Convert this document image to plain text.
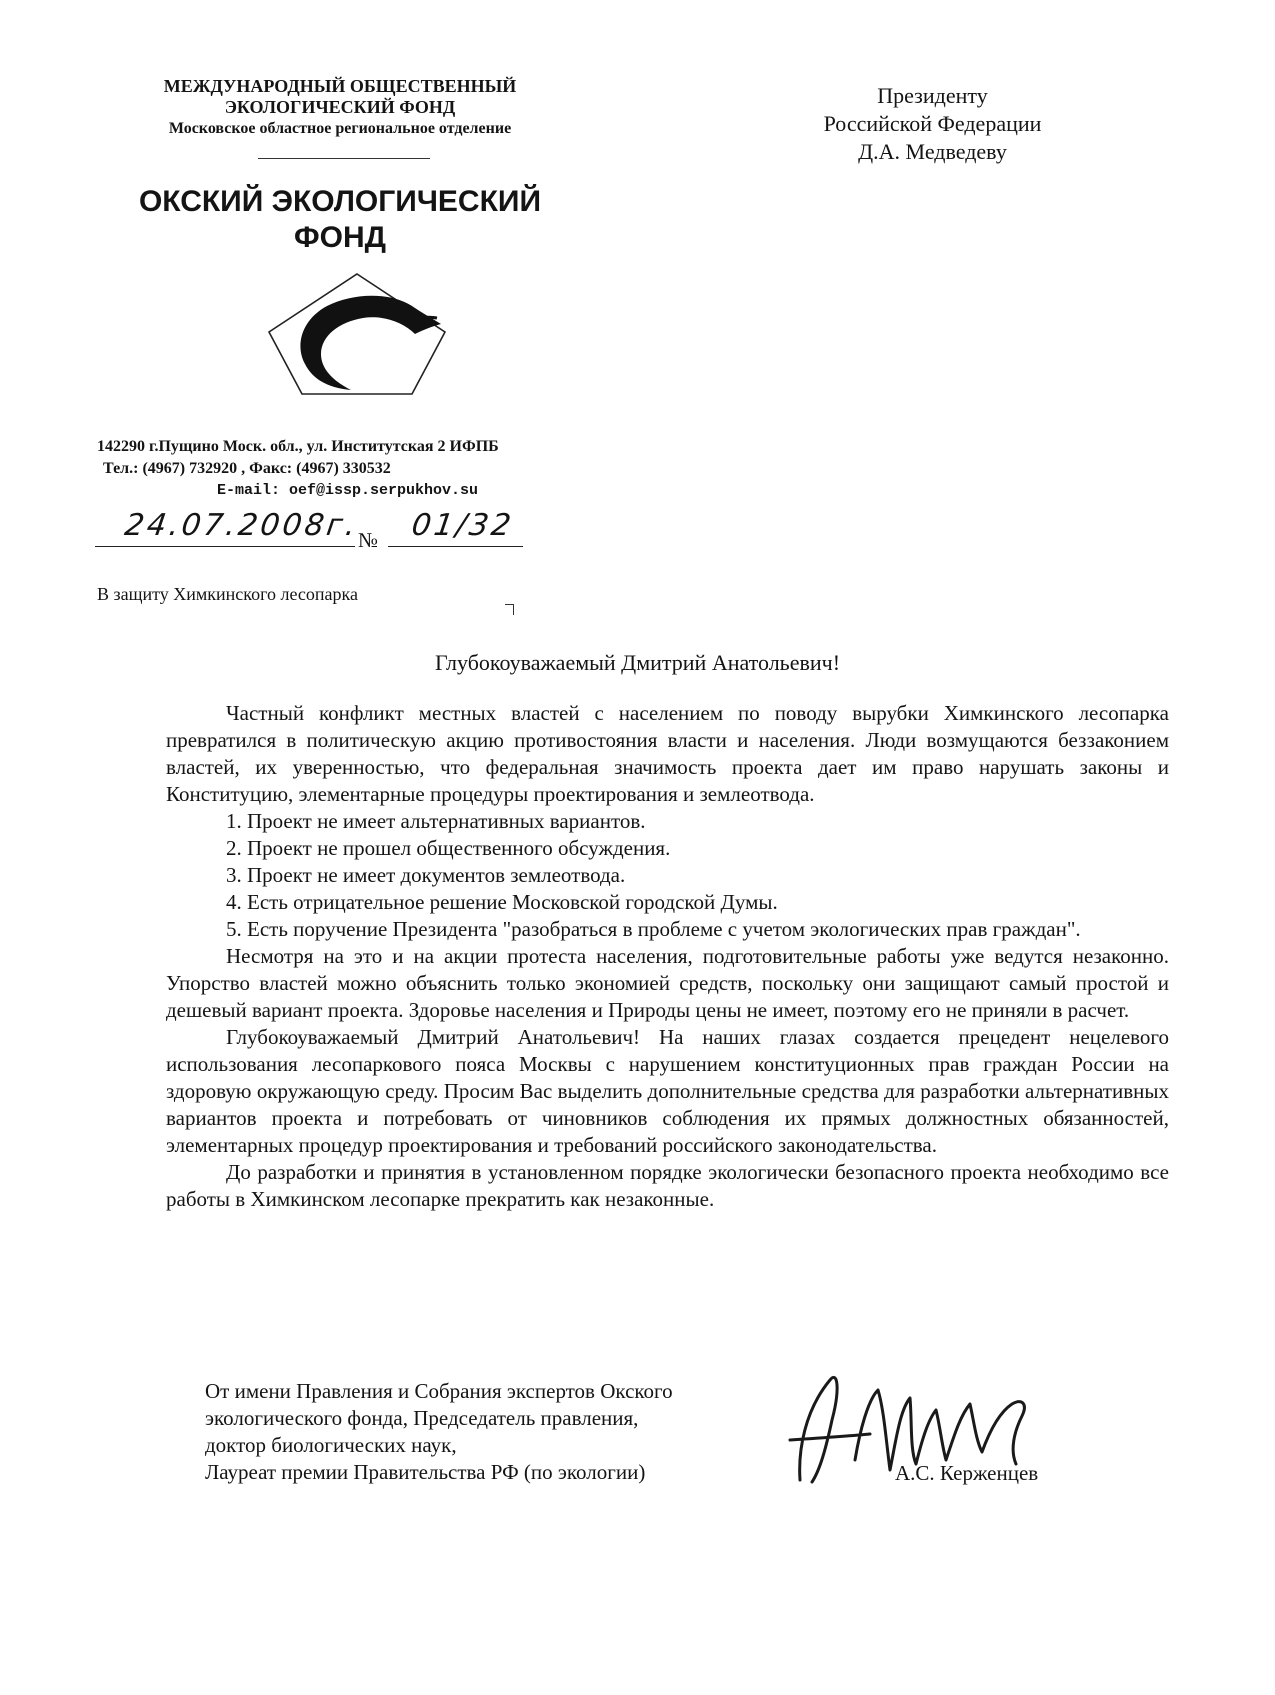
МЕЖДУНАРОДНЫЙ ОБЩЕСТВЕННЫЙ
ЭКОЛОГИЧЕСКИЙ ФОНД
Московское областное региональное отделение
ОКСКИЙ ЭКОЛОГИЧЕСКИЙ
ФОНД
142290 г.Пущино Моск. обл., ул. Институтская 2 ИФПБ
Тел.: (4967) 732920 , Факс: (4967) 330532
E-mail: oef@issp.serpukhov.su
Президенту
Российской Федерации
Д.А. Медведеву
24.07.2008г.
№ 01/32
В защиту Химкинского лесопарка
Глубокоуважаемый Дмитрий Анатольевич!

Частный конфликт местных властей с населением по поводу вырубки Химкинского лесопарка превратился в политическую акцию противостояния власти и населения. Люди возмущаются беззаконием властей, их уверенностью, что федеральная значимость проекта дает им право нарушать законы и Конституцию, элементарные процедуры проектирования и землеотвода.

1. Проект не имеет альтернативных вариантов.

2. Проект не прошел общественного обсуждения.

3. Проект не имеет документов землеотвода.

4. Есть отрицательное решение Московской городской Думы.

5. Есть поручение Президента "разобраться в проблеме с учетом экологических прав граждан".

Несмотря на это и на акции протеста населения, подготовительные работы уже ведутся незаконно. Упорство властей можно объяснить только экономией средств, поскольку они защищают самый простой и дешевый вариант проекта. Здоровье населения и Природы цены не имеет, поэтому его не приняли в расчет.

Глубокоуважаемый Дмитрий Анатольевич! На наших глазах создается прецедент нецелевого использования лесопаркового пояса Москвы с нарушением конституционных прав граждан России на здоровую окружающую среду. Просим Вас выделить дополнительные средства для разработки альтернативных вариантов проекта и потребовать от чиновников соблюдения их прямых должностных обязанностей, элементарных процедур проектирования и требований российского законодательства.

До разработки и принятия в установленном порядке экологически безопасного проекта необходимо все работы в Химкинском лесопарке прекратить как незаконные.

От имени Правления и Собрания экспертов Окского
экологического фонда, Председатель правления,
доктор биологических наук,
Лауреат премии Правительства РФ (по экологии)	А.С. Керженцев
